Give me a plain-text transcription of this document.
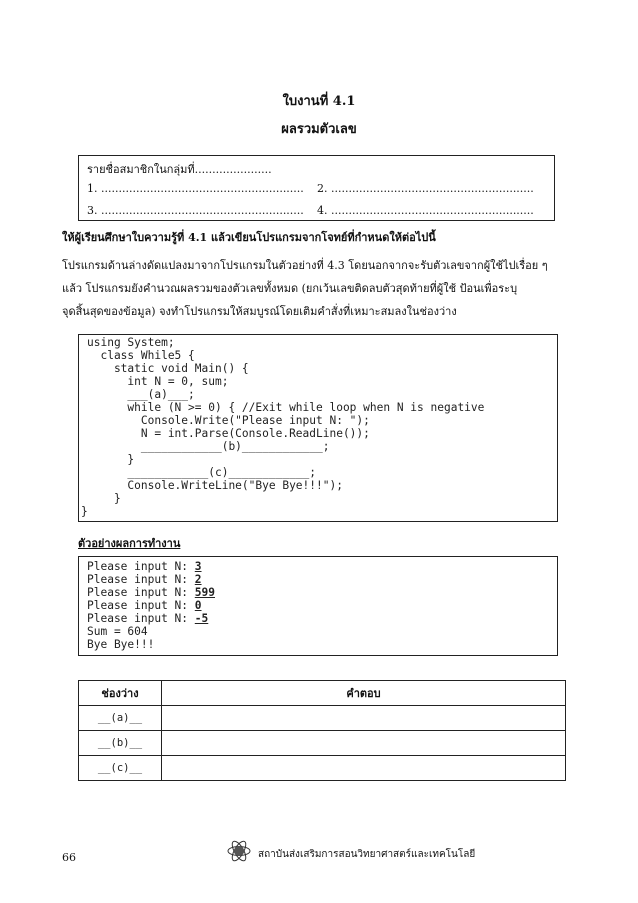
ใบงานที่ 4.1
ผลรวมตัวเลข
รายชื่อสมาชิกในกลุ่มที่......................
1. .......................................................... 2. ..........................................................
3. .......................................................... 4. ..........................................................
ให้ผู้เรียนศึกษาใบความรู้ที่ 4.1 แล้วเขียนโปรแกรมจากโจทย์ที่กำหนดให้ต่อไปนี้
โปรแกรมด้านล่างดัดแปลงมาจากโปรแกรมในตัวอย่างที่ 4.3 โดยนอกจากจะรับตัวเลขจากผู้ใช้ไปเรื่อย ๆ
แล้ว โปรแกรมยังคำนวณผลรวมของตัวเลขทั้งหมด (ยกเว้นเลขติดลบตัวสุดท้ายที่ผู้ใช้ ป้อนเพื่อระบุ
จุดสิ้นสุดของข้อมูล) จงทำโปรแกรมให้สมบูรณ์โดยเติมคำสั่งที่เหมาะสมลงในช่องว่าง

using System;

class While5 {

static void Main() {

int N = 0, sum;

___(a)___;

while (N >= 0) { //Exit while loop when N is negative

Console.Write("Please input N: ");

N = int.Parse(Console.ReadLine());

____________(b)____________;

}

____________(c)____________;

Console.WriteLine("Bye Bye!!!");

}

}

ตัวอย่างผลการทำงาน

Please input N: 3

Please input N: 2

Please input N: 599

Please input N: 0

Please input N: -5

Sum = 604

Bye Bye!!!

ช่องว่าง	คำตอบ
__(a)__	
__(b)__	
__(c)__	
66	สถาบันส่งเสริมการสอนวิทยาศาสตร์และเทคโนโลยี
